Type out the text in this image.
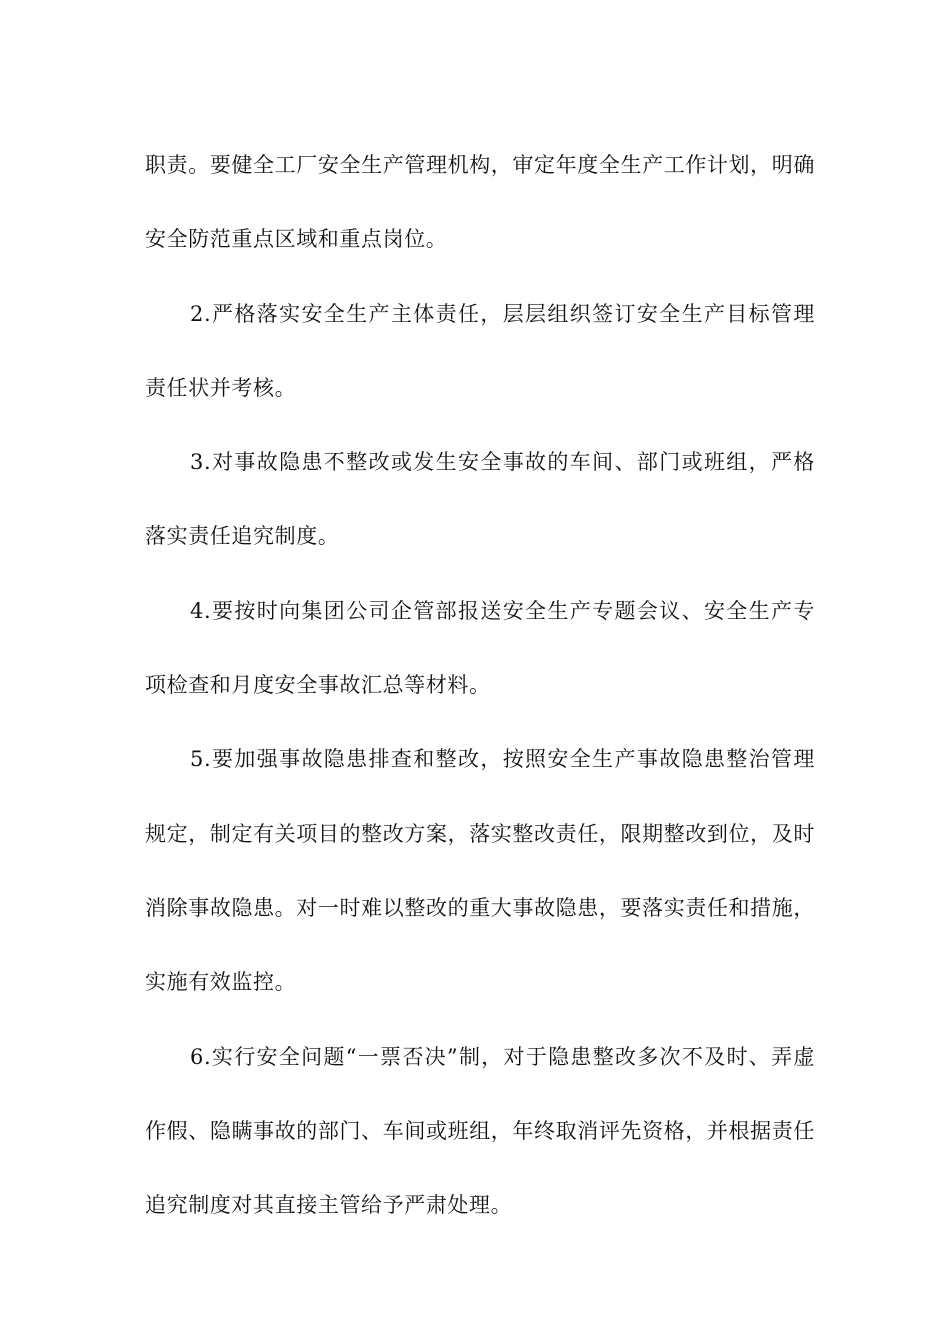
职责。要健全工厂安全生产管理机构，审定年度全生产工作计划，明确安全防范重点区域和重点岗位。

2.严格落实安全生产主体责任，层层组织签订安全生产目标管理责任状并考核。

3.对事故隐患不整改或发生安全事故的车间、部门或班组，严格落实责任追究制度。

4.要按时向集团公司企管部报送安全生产专题会议、安全生产专项检查和月度安全事故汇总等材料。

5.要加强事故隐患排查和整改，按照安全生产事故隐患整治管理规定，制定有关项目的整改方案，落实整改责任，限期整改到位，及时消除事故隐患。对一时难以整改的重大事故隐患，要落实责任和措施，实施有效监控。

6.实行安全问题“一票否决”制，对于隐患整改多次不及时、弄虚作假、隐瞒事故的部门、车间或班组，年终取消评先资格，并根据责任追究制度对其直接主管给予严肃处理。
